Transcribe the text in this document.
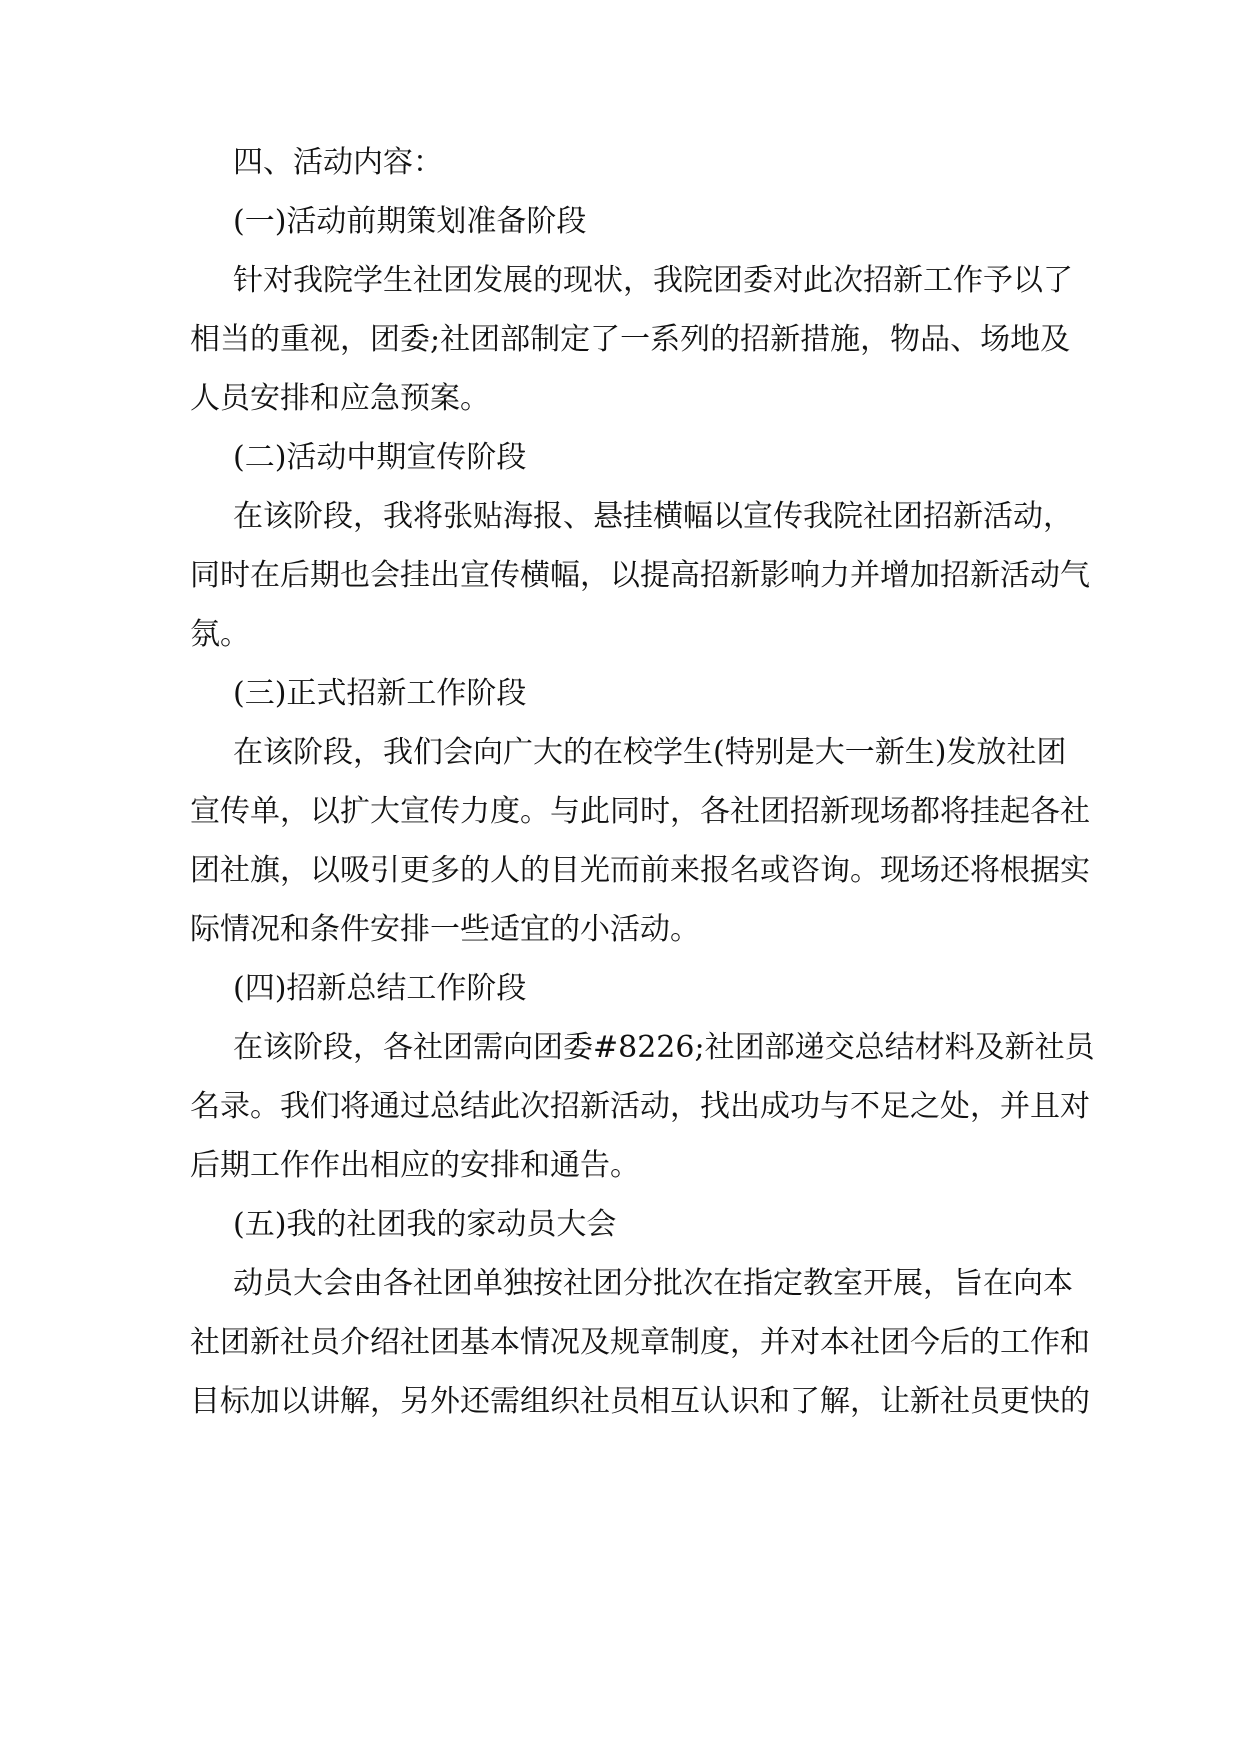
四、活动内容：
(一)活动前期策划准备阶段
针对我院学生社团发展的现状，我院团委对此次招新工作予以了
相当的重视，团委;社团部制定了一系列的招新措施，物品、场地及
人员安排和应急预案。
(二)活动中期宣传阶段
在该阶段，我将张贴海报、悬挂横幅以宣传我院社团招新活动，
同时在后期也会挂出宣传横幅，以提高招新影响力并增加招新活动气
氛。
(三)正式招新工作阶段
在该阶段，我们会向广大的在校学生(特别是大一新生)发放社团
宣传单，以扩大宣传力度。与此同时，各社团招新现场都将挂起各社
团社旗，以吸引更多的人的目光而前来报名或咨询。现场还将根据实
际情况和条件安排一些适宜的小活动。
(四)招新总结工作阶段
在该阶段，各社团需向团委#8226;社团部递交总结材料及新社员
名录。我们将通过总结此次招新活动，找出成功与不足之处，并且对
后期工作作出相应的安排和通告。
(五)我的社团我的家动员大会
动员大会由各社团单独按社团分批次在指定教室开展，旨在向本
社团新社员介绍社团基本情况及规章制度，并对本社团今后的工作和
目标加以讲解，另外还需组织社员相互认识和了解，让新社员更快的
